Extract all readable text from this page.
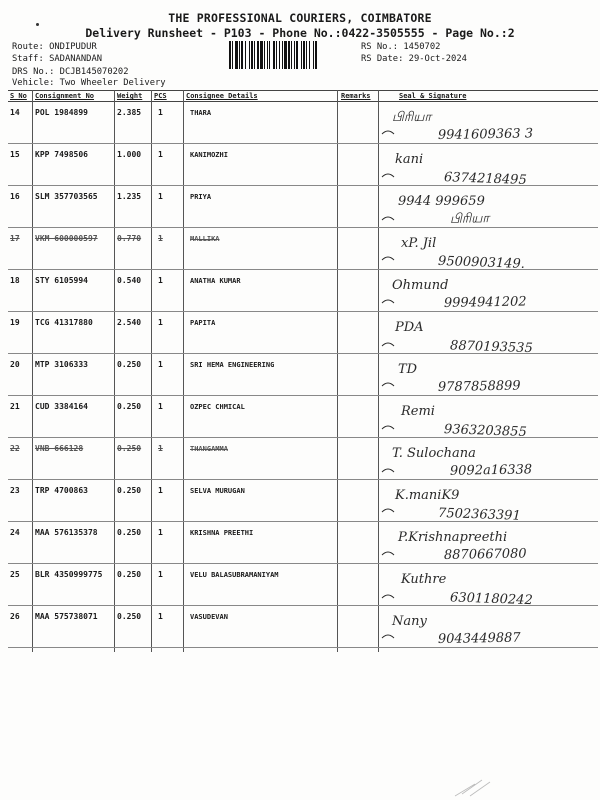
THE PROFESSIONAL COURIERS, COIMBATORE
Delivery Runsheet - P103 - Phone No.:0422-3505555 - Page No.:2
Route: ONDIPUDUR
Staff: SADANANDAN
DRS No.: DCJB145070202
Vehicle: Two Wheeler Delivery
RS No.: 1450702
RS Date: 29-Oct-2024
S No Consignment No	Weight PCS	Consignee Details	Remarks	Seal & Signature
14 POL 1984899	2.385 1	THARA	பிரியா
9941609363 3
15 KPP 7498506	1.000 1	KANIMOZHI	kani
6374218495
16 SLM 357703565 1.235 1	PRIYA	9944 999659
பிரியா
17 VKM 600000597 0.770 1	MALLIKA	xP. Jil
9500903149.
18 STY 6105994	0.540 1	ANATHA KUMAR	Ohmund
9994941202
19 TCG 41317880	2.540 1	PAPITA	PDA
8870193535
20 MTP 3106333	0.250 1	SRI HEMA ENGINEERING	TD
9787858899
21 CUD 3384164	0.250 1	OZPEC CHMICAL	Remi
9363203855
22 VNB 666128	0.250 1	THANGAMMA	T. Sulochana
9092a16338
23 TRP 4700863	0.250 1	SELVA MURUGAN	K.maniK9
7502363391
24 MAA 576135378 0.250 1	KRISHNA PREETHI	P.Krishnapreethi
8870667080
25 BLR 4350999775 0.250 1	VELU BALASUBRAMANIYAM	Kuthre
6301180242
26 MAA 575738071 0.250 1	VASUDEVAN	Nany
9043449887
